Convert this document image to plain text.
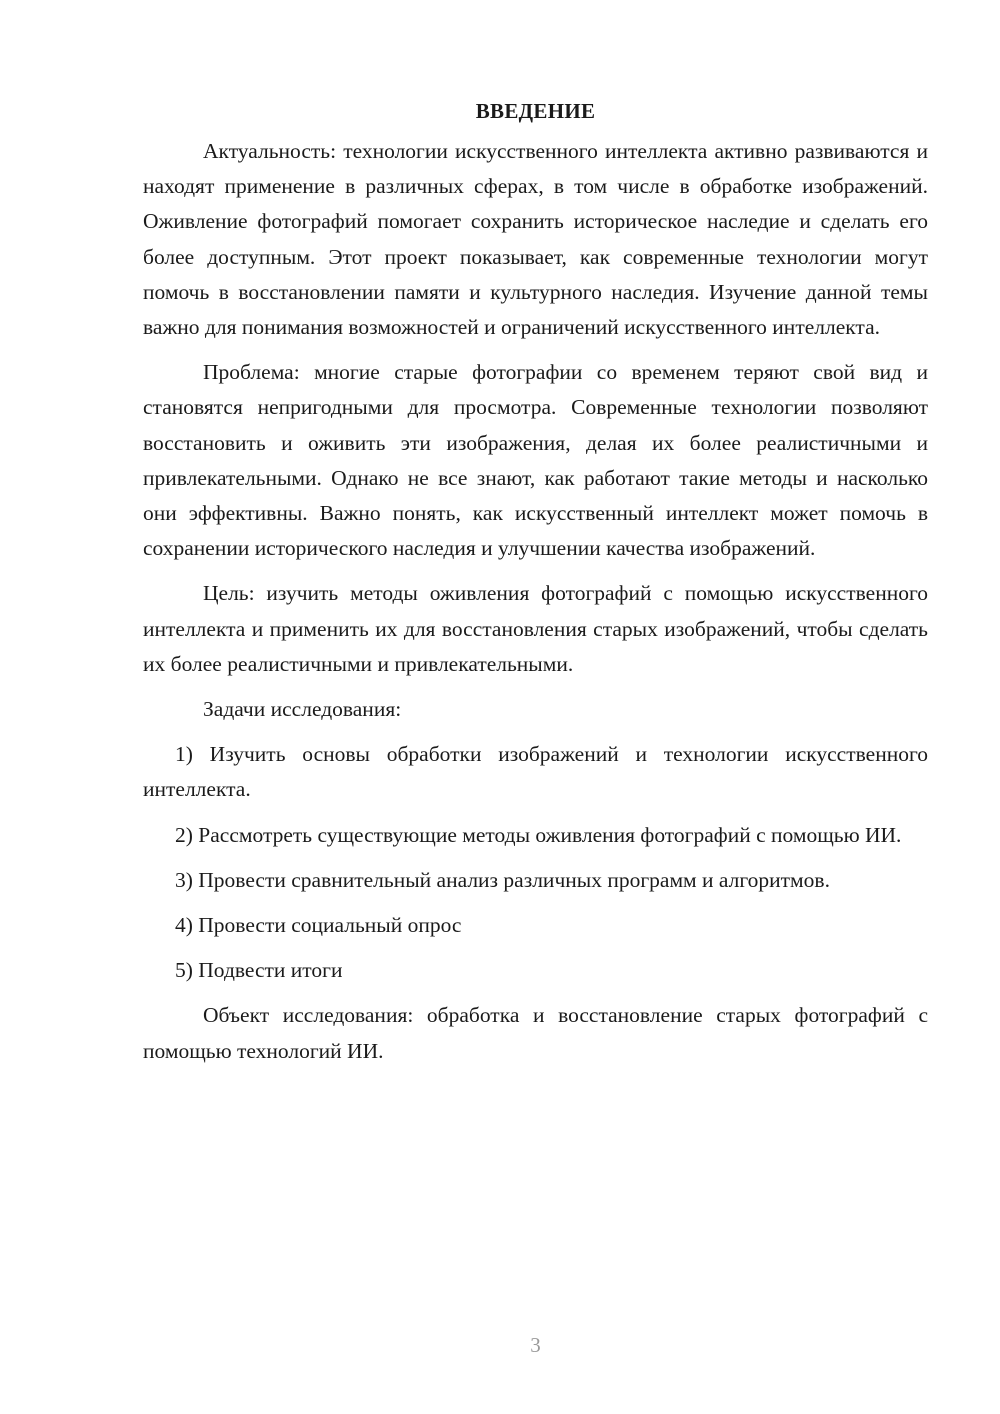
ВВЕДЕНИЕ

Актуальность: технологии искусственного интеллекта активно развиваются и находят применение в различных сферах, в том числе в обработке изображений. Оживление фотографий помогает сохранить историческое наследие и сделать его более доступным. Этот проект показывает, как современные технологии могут помочь в восстановлении памяти и культурного наследия. Изучение данной темы важно для понимания возможностей и ограничений искусственного интеллекта.

Проблема: многие старые фотографии со временем теряют свой вид и становятся непригодными для просмотра. Современные технологии позволяют восстановить и оживить эти изображения, делая их более реалистичными и привлекательными. Однако не все знают, как работают такие методы и насколько они эффективны. Важно понять, как искусственный интеллект может помочь в сохранении исторического наследия и улучшении качества изображений.

Цель: изучить методы оживления фотографий с помощью искусственного интеллекта и применить их для восстановления старых изображений, чтобы сделать их более реалистичными и привлекательными.

Задачи исследования:

1) Изучить основы обработки изображений и технологии искусственного интеллекта.

2) Рассмотреть существующие методы оживления фотографий с помощью ИИ.

3) Провести сравнительный анализ различных программ и алгоритмов.

4) Провести социальный опрос

5) Подвести итоги

Объект исследования: обработка и восстановление старых фотографий с помощью технологий ИИ.

3
